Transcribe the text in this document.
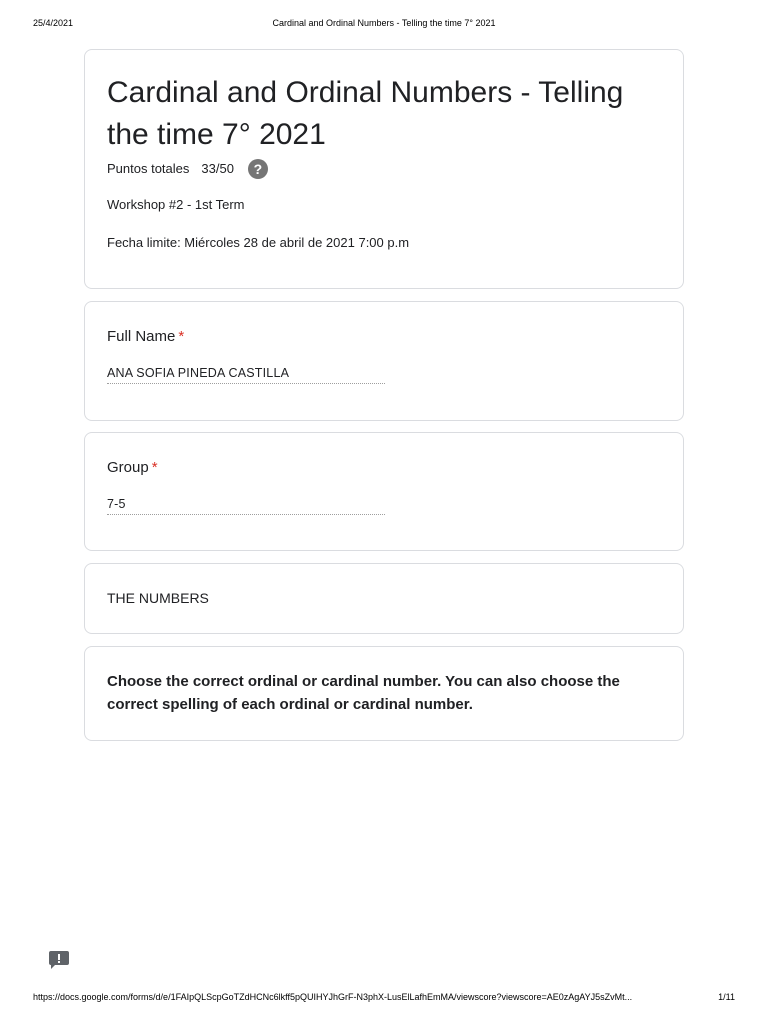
25/4/2021	Cardinal and Ordinal Numbers - Telling the time 7° 2021
Cardinal and Ordinal Numbers - Telling the time 7° 2021
Puntos totales 33/50	?
Workshop #2 - 1st Term
Fecha limite: Miércoles 28 de abril de 2021 7:00 p.m
Full Name *
ANA SOFIA PINEDA CASTILLA
Group *
7-5
THE NUMBERS
Choose the correct ordinal or cardinal number. You can also choose the correct spelling of each ordinal or cardinal number.
https://docs.google.com/forms/d/e/1FAIpQLScpGoTZdHCNc6lkff5pQUIHYJhGrF-N3phX-LusElLafhEmMA/viewscore?viewscore=AE0zAgAYJ5sZvMt...	1/11
